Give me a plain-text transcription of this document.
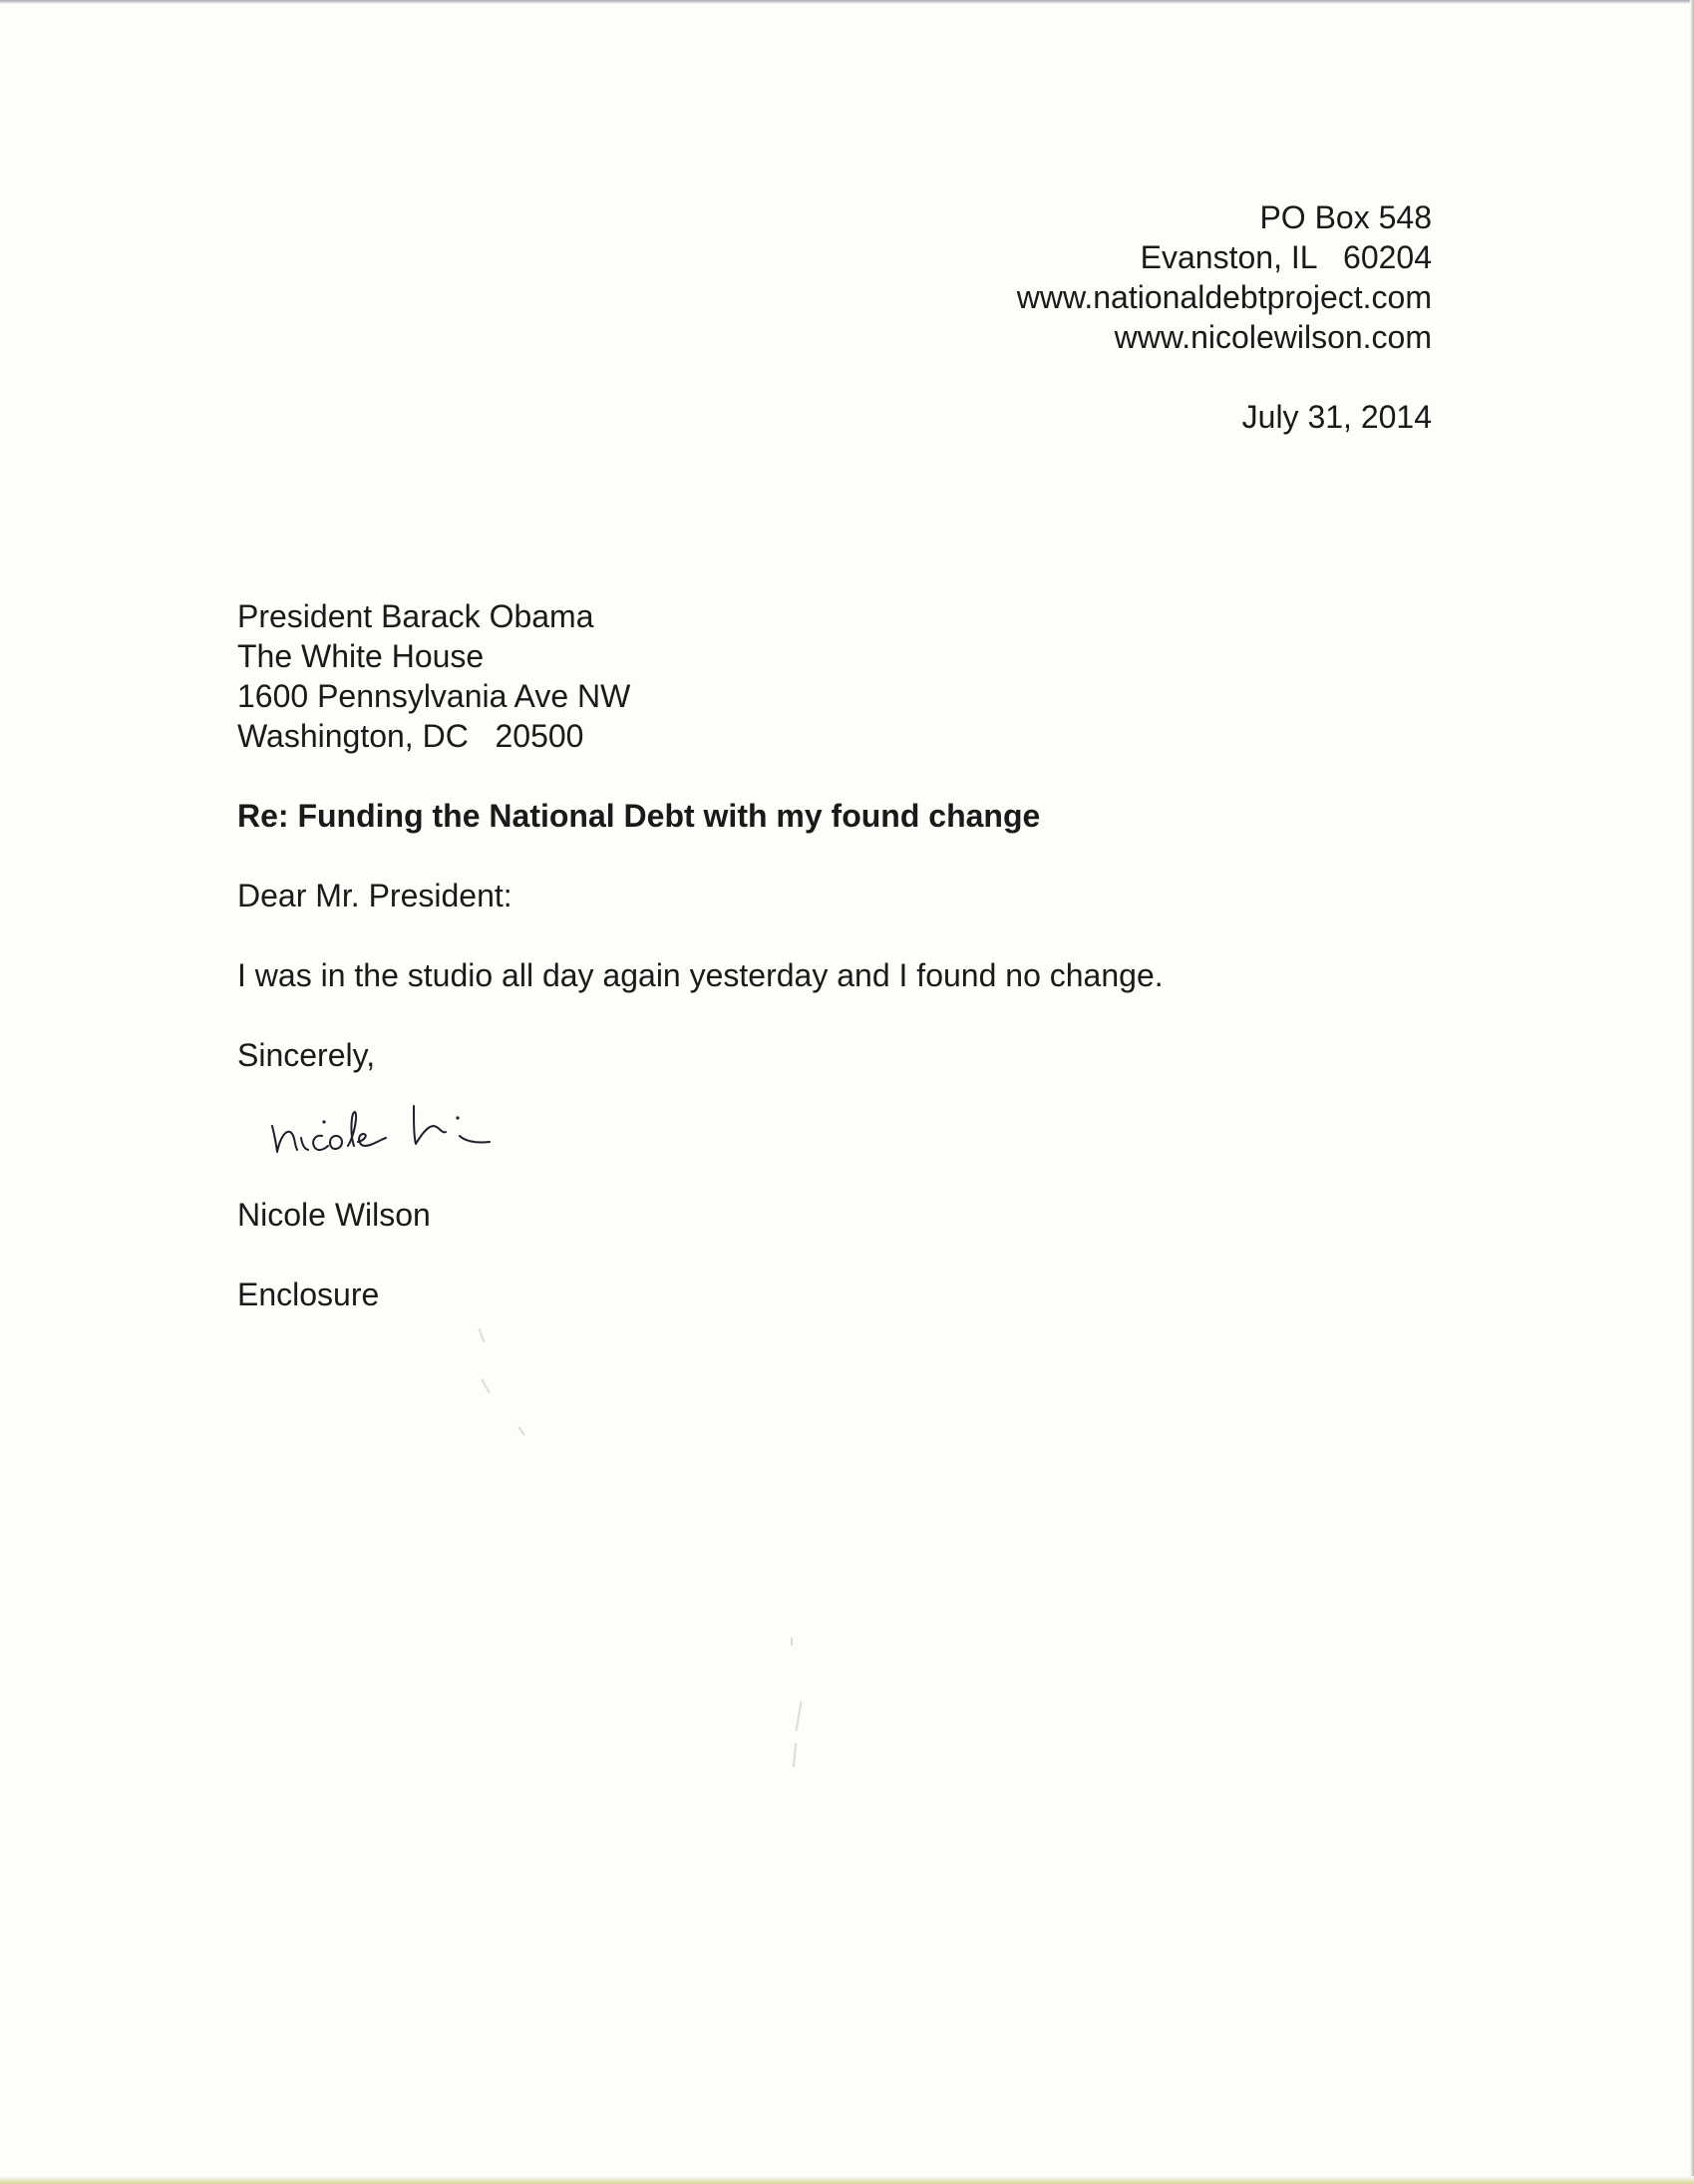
PO Box 548
Evanston, IL   60204
www.nationaldebtproject.com
www.nicolewilson.com
July 31, 2014
President Barack Obama
The White House
1600 Pennsylvania Ave NW
Washington, DC   20500
Re: Funding the National Debt with my found change
Dear Mr. President:
I was in the studio all day again yesterday and I found no change.
Sincerely,
Nicole Wilson
Enclosure
